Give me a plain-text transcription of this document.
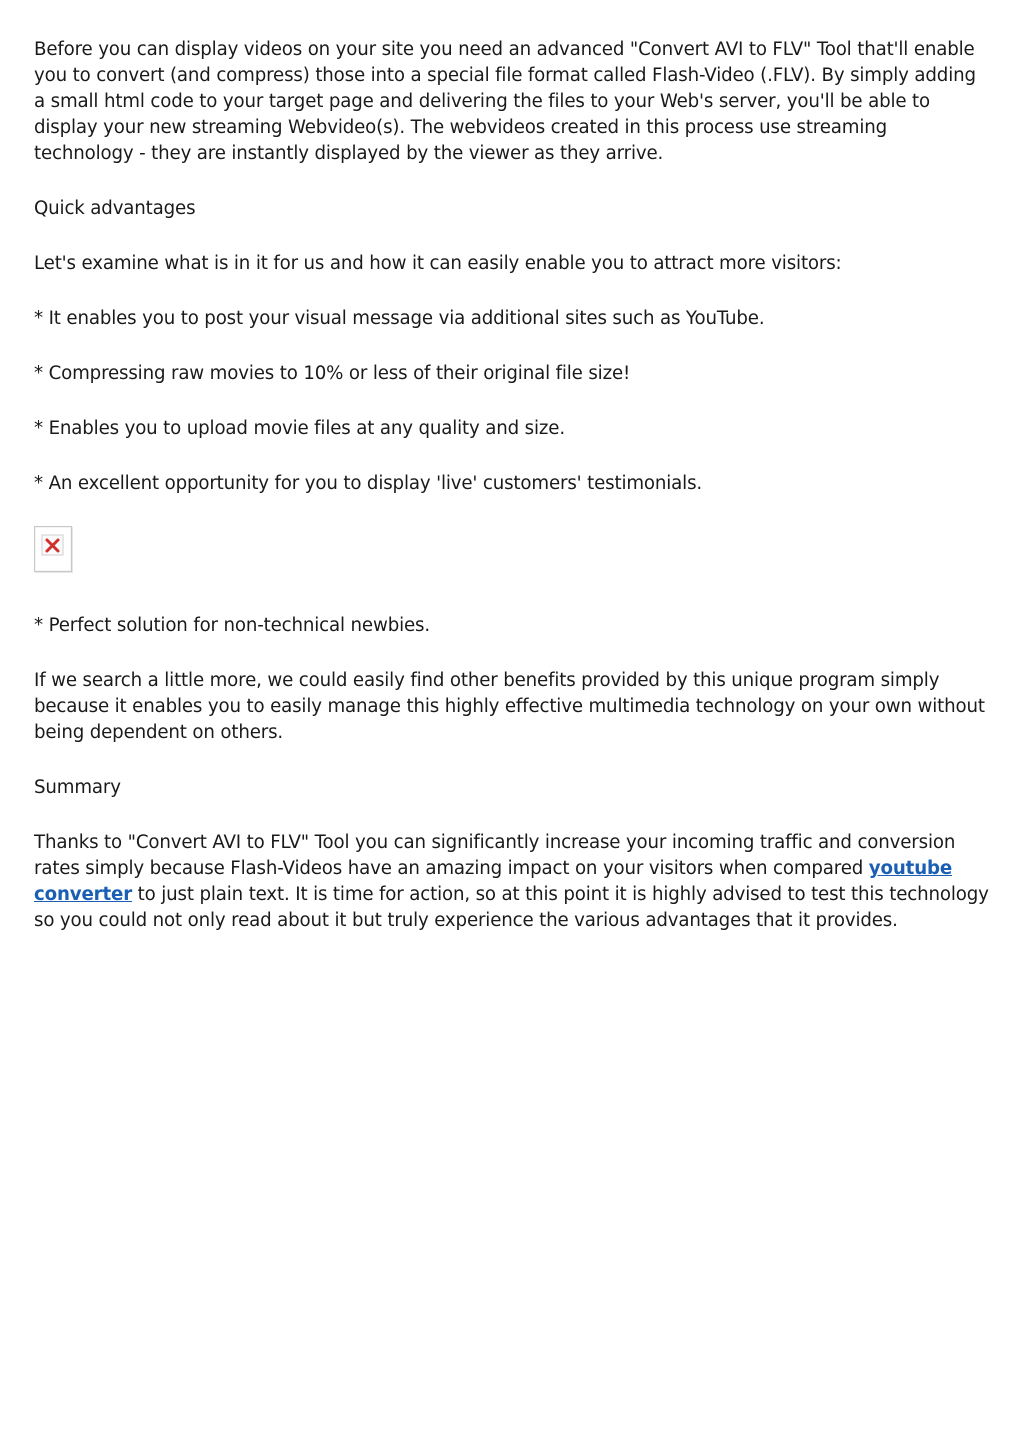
Before you can display videos on your site you need an advanced "Convert AVI to FLV" Tool that'll enable you to convert (and compress) those into a special file format called Flash-Video (.FLV). By simply adding a small html code to your target page and delivering the files to your Web's server, you'll be able to display your new streaming Webvideo(s). The webvideos created in this process use streaming technology - they are instantly displayed by the viewer as they arrive.

Quick advantages

Let's examine what is in it for us and how it can easily enable you to attract more visitors:

* It enables you to post your visual message via additional sites such as YouTube.

* Compressing raw movies to 10% or less of their original file size!

* Enables you to upload movie files at any quality and size.

* An excellent opportunity for you to display 'live' customers' testimonials.

* Perfect solution for non-technical newbies.

If we search a little more, we could easily find other benefits provided by this unique program simply because it enables you to easily manage this highly effective multimedia technology on your own without being dependent on others.

Summary

Thanks to "Convert AVI to FLV" Tool you can significantly increase your incoming traffic and conversion rates simply because Flash-Videos have an amazing impact on your visitors when compared youtube converter to just plain text. It is time for action, so at this point it is highly advised to test this technology so you could not only read about it but truly experience the various advantages that it provides.
